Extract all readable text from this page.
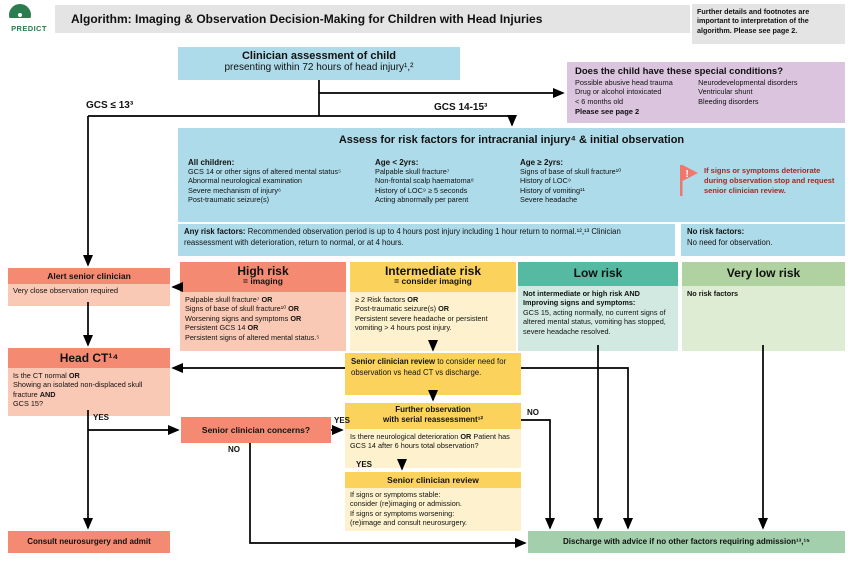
Algorithm: Imaging & Observation Decision-Making for Children with Head Injuries
PREDICT
Further details and footnotes are important to interpretation of the algorithm. Please see page 2.
Clinician assessment of child
presenting within 72 hours of head injury¹,²
GCS ≤ 13³	GCS 14-15³
Does the child have these special conditions?
Possible abusive head trauma
Drug or alcohol intoxicated
< 6 months old
Neurodevelopmental disorders
Ventricular shunt
Bleeding disorders
Please see page 2
Assess for risk factors for intracranial injury⁴ & initial observation
All children:
GCS 14 or other signs of altered mental status⁵
Abnormal neurological examination
Severe mechanism of injury⁶
Post-traumatic seizure(s)
Age < 2yrs:
Palpable skull fracture⁷
Non-frontal scalp haematoma⁸
History of LOC⁹ ≥ 5 seconds
Acting abnormally per parent
Age ≥ 2yrs:
Signs of base of skull fracture¹⁰
History of LOC⁹
History of vomiting¹¹
Severe headache
! If signs or symptoms deteriorate during observation stop and request senior clinician review.
Any risk factors: Recommended observation period is up to 4 hours post injury including 1 hour return to normal.¹²,¹³ Clinician reassessment with deterioration, return to normal, or at 4 hours.
No risk factors:
No need for observation.
High risk
= imaging
Palpable skull fracture⁷ OR
Signs of base of skull fracture¹⁰ OR
Worsening signs and symptoms OR
Persistent GCS 14 OR
Persistent signs of altered mental status.⁵
Intermediate risk
= consider imaging
≥ 2 Risk factors OR
Post-traumatic seizure(s) OR
Persistent severe headache or persistent vomiting > 4 hours post injury.
Low risk
Not intermediate or high risk AND
Improving signs and symptoms:
GCS 15, acting normally, no current signs of altered mental status, vomiting has stopped, severe headache resolved.
Very low risk
No risk factors
Alert senior clinician
Very close observation required
Head CT¹⁴
Is the CT normal OR
Showing an isolated non-displaced skull fracture AND
GCS 15?
Senior clinician review to consider need for observation vs head CT vs discharge.
Senior clinician concerns?
Further observation
with serial reassessment¹²
Is there neurological deterioration OR Patient has GCS 14 after 6 hours total observation?
Senior clinician review
If signs or symptoms stable:
consider (re)imaging or admission.
If signs or symptoms worsening:
(re)image and consult neurosurgery.
Consult neurosurgery and admit	Discharge with advice if no other factors requiring admission¹³,¹⁵
YES	YES
NO
NO
YES
